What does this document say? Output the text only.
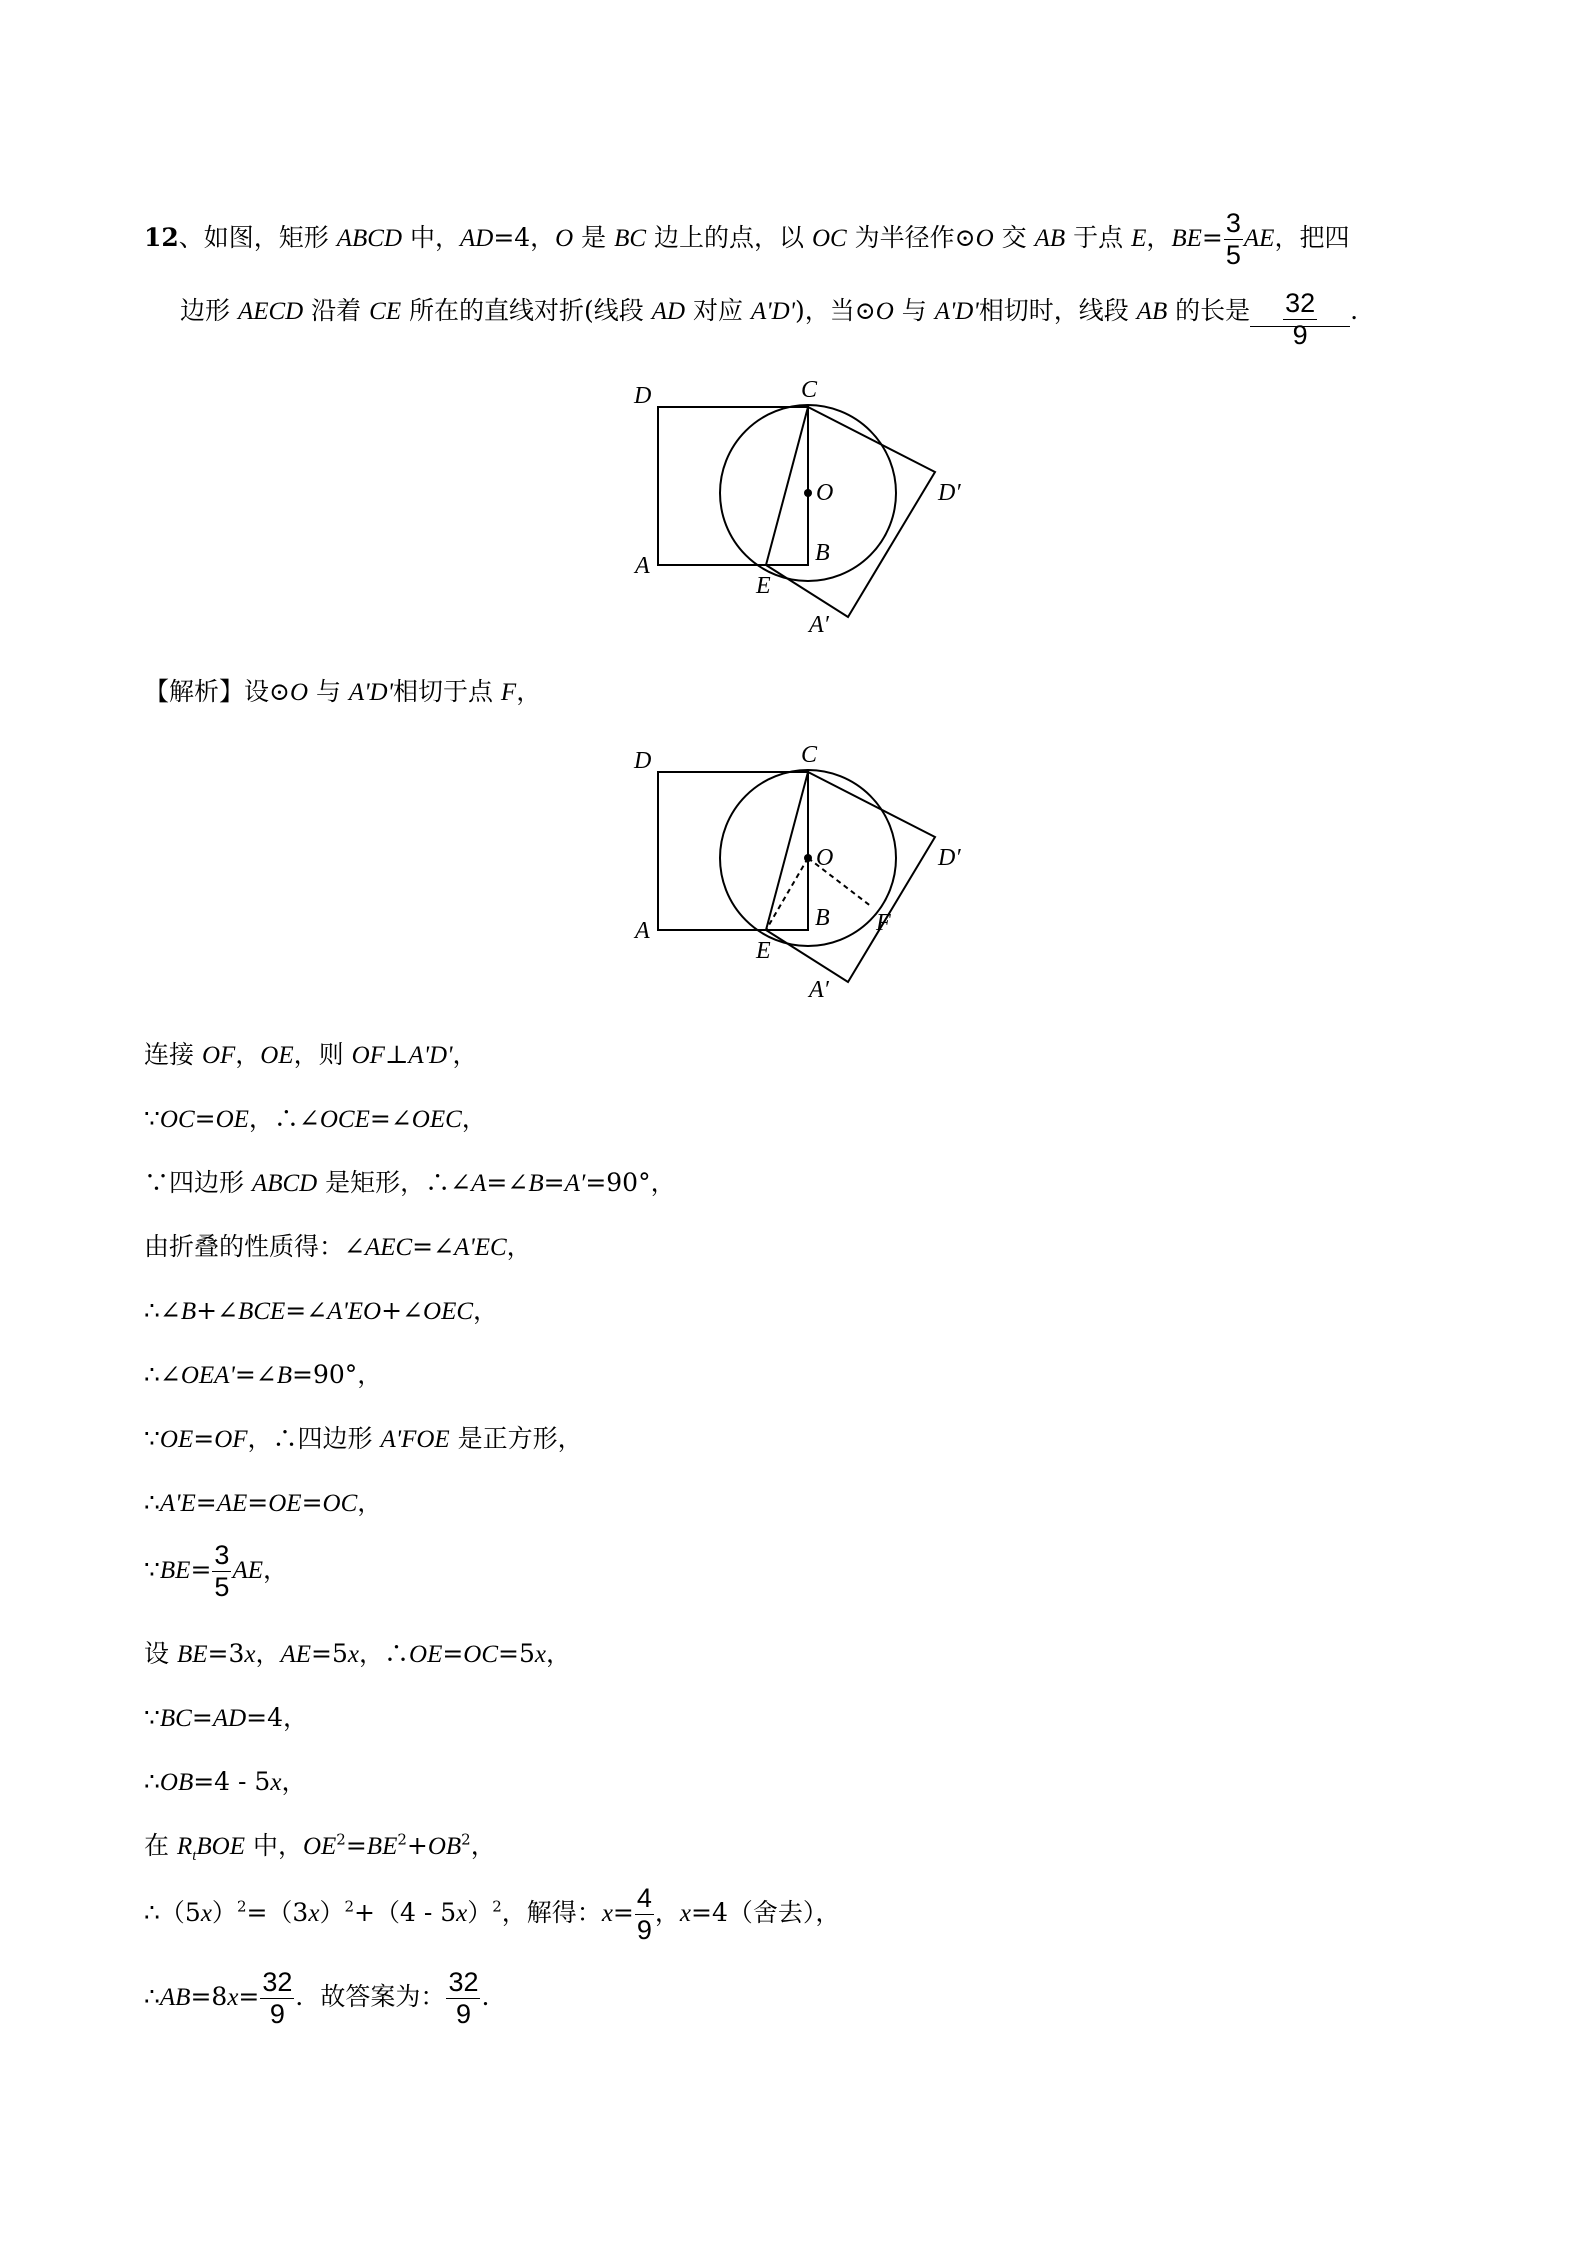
12、如图，矩形 ABCD 中，AD=4，O 是 BC 边上的点，以 OC 为半径作⊙O 交 AB 于点 E，$BE= \frac{3}{5}$ AE，把四
边形 AECD 沿着 CE 所在的直线对折(线段 AD 对应 A'D')，当⊙O 与 A'D'相切时，线段 AB 的长是 $\frac{32}{9}$ .
D	C
O	D′
A
E
B
A′
【解析】设⊙O 与 A'D'相切于点 F，
D	C
O	D′
A
E
B F
A′
连接 OF，OE，则 OF⊥A'D'，
∵OC=OE，∴∠OCE=∠OEC，
∵四边形 ABCD 是矩形，∴∠A=∠B=A′=90°，
由折叠的性质得：∠AEC=∠A'EC，
∴∠B+∠BCE=∠A'EO+∠OEC，
∴∠OEA'=∠B=90°，
∵OE=OF，∴四边形 A'FOE 是正方形，
∴A'E=AE=OE=OC，
∵BE= $\frac{3}{5}$ AE，
设 BE=3x，AE=5x，∴OE=OC=5x，
∵BC=AD=4，
∴OB=4 - 5x，
在 $R_tBOE$ 中，$OE^2=BE^2+OB^2$，
$\therefore(5x)^2=(3x)^2+(4 - 5x)^2$，解得：$x= \frac{4}{9}$ ，x=4（舍去），
∴AB=8x= $\frac{32}{9}$ ．故答案为： $\frac{32}{9}$ .
